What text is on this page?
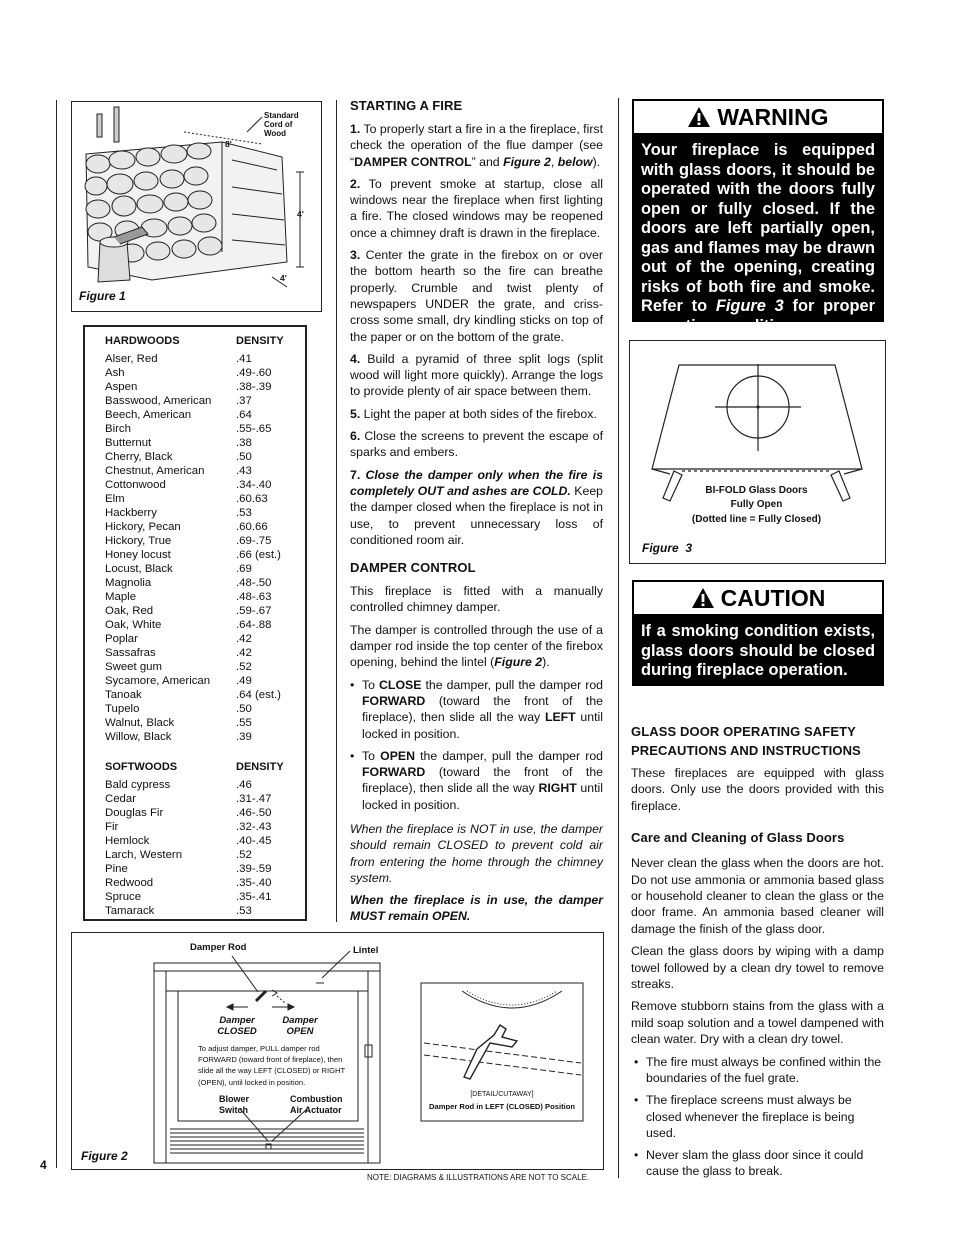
Standard Cord of Wood
8'
4'
4'
Figure 1
HARDWOODS	DENSITY
Alser, Red	.41
Ash	.49-.60
Aspen	.38-.39
Basswood, American	.37
Beech, American	.64
Birch	.55-.65
Butternut	.38
Cherry, Black	.50
Chestnut, American	.43
Cottonwood	.34-.40
Elm	.60.63
Hackberry	.53
Hickory, Pecan	.60.66
Hickory, True	.69-.75
Honey locust	.66 (est.)
Locust, Black	.69
Magnolia	.48-.50
Maple	.48-.63
Oak, Red	.59-.67
Oak, White	.64-.88
Poplar	.42
Sassafras	.42
Sweet gum	.52
Sycamore, American	.49
Tanoak	.64 (est.)
Tupelo	.50
Walnut, Black	.55
Willow, Black	.39
SOFTWOODS	DENSITY
Bald cypress	.46
Cedar	.31-.47
Douglas Fir	.46-.50
Fir	.32-.43
Hemlock	.40-.45
Larch, Western	.52
Pine	.39-.59
Redwood	.35-.40
Spruce	.35-.41
Tamarack	.53
STARTING A FIRE

1. To properly start a fire in a the fireplace, first check the operation of the flue damper (see “DAMPER CONTROL” and Figure 2, below).

2. To prevent smoke at startup, close all windows near the fireplace when first lighting a fire. The closed windows may be reopened once a chimney draft is drawn in the fireplace.

3. Center the grate in the firebox on or over the bottom hearth so the fire can breathe properly. Crumble and twist plenty of newspapers UNDER the grate, and criss-cross some small, dry kindling sticks on top of the paper or on the bottom of the grate.

4. Build a pyramid of three split logs (split wood will light more quickly). Arrange the logs to provide plenty of air space between them.

5. Light the paper at both sides of the firebox.

6. Close the screens to prevent the escape of sparks and embers.

7. Close the damper only when the fire is completely OUT and ashes are COLD. Keep the damper closed when the fireplace is not in use, to prevent unnecessary loss of conditioned room air.

DAMPER CONTROL

This fireplace is fitted with a manually controlled chimney damper.

The damper is controlled through the use of a damper rod inside the top center of the firebox opening, behind the lintel (Figure 2).

• To CLOSE the damper, pull the damper rod FORWARD (toward the front of the fireplace), then slide all the way LEFT until locked in position.
• To OPEN the damper, pull the damper rod FORWARD (toward the front of the fireplace), then slide all the way RIGHT until locked in position.

When the fireplace is NOT in use, the damper should remain CLOSED to prevent cold air from entering the home through the chimney system.

When the fireplace is in use, the damper MUST remain OPEN.

WARNING
Your fireplace is equipped with glass doors, it should be operated with the doors fully open or fully closed. If the doors are left partially open, gas and flames may be drawn out of the opening, creating risks of both fire and smoke. Refer to Figure 3 for proper operating conditions.
BI-FOLD Glass Doors
Fully Open
(Dotted line = Fully Closed)
Figure  3
CAUTION
If a smoking condition exists, glass doors should be closed during fireplace operation.
GLASS DOOR OPERATING SAFETY PRECAUTIONS AND INSTRUCTIONS

These fireplaces are equipped with glass doors. Only use the doors provided with this fireplace.

Care and Cleaning of Glass Doors

Never clean the glass when the doors are hot. Do not use ammonia or ammonia based glass or household cleaner to clean the glass or the door frame. An ammonia based cleaner will damage the finish of the glass door.

Clean the glass doors by wiping with a damp towel followed by a clean dry towel to remove streaks.

Remove stubborn stains from the glass with a mild soap solution and a towel dampened with clean water. Dry with a clean dry towel.

• The fire must always be confined within the boundaries of the fuel grate.
• The fireplace screens must always be closed whenever the fireplace is being used.
• Never slam the glass door since it could cause the glass to break.
Damper Rod	Lintel
Damper CLOSED
Damper OPEN
To adjust damper, PULL damper rod FORWARD (toward front of fireplace), then slide all the way LEFT (CLOSED) or RIGHT (OPEN), until locked in position.
Blower Switch
Combustion Air Actuator
[DETAIL/CUTAWAY]
Damper Rod in LEFT (CLOSED) Position
Figure 2
4
NOTE: DIAGRAMS & ILLUSTRATIONS ARE NOT TO SCALE.
